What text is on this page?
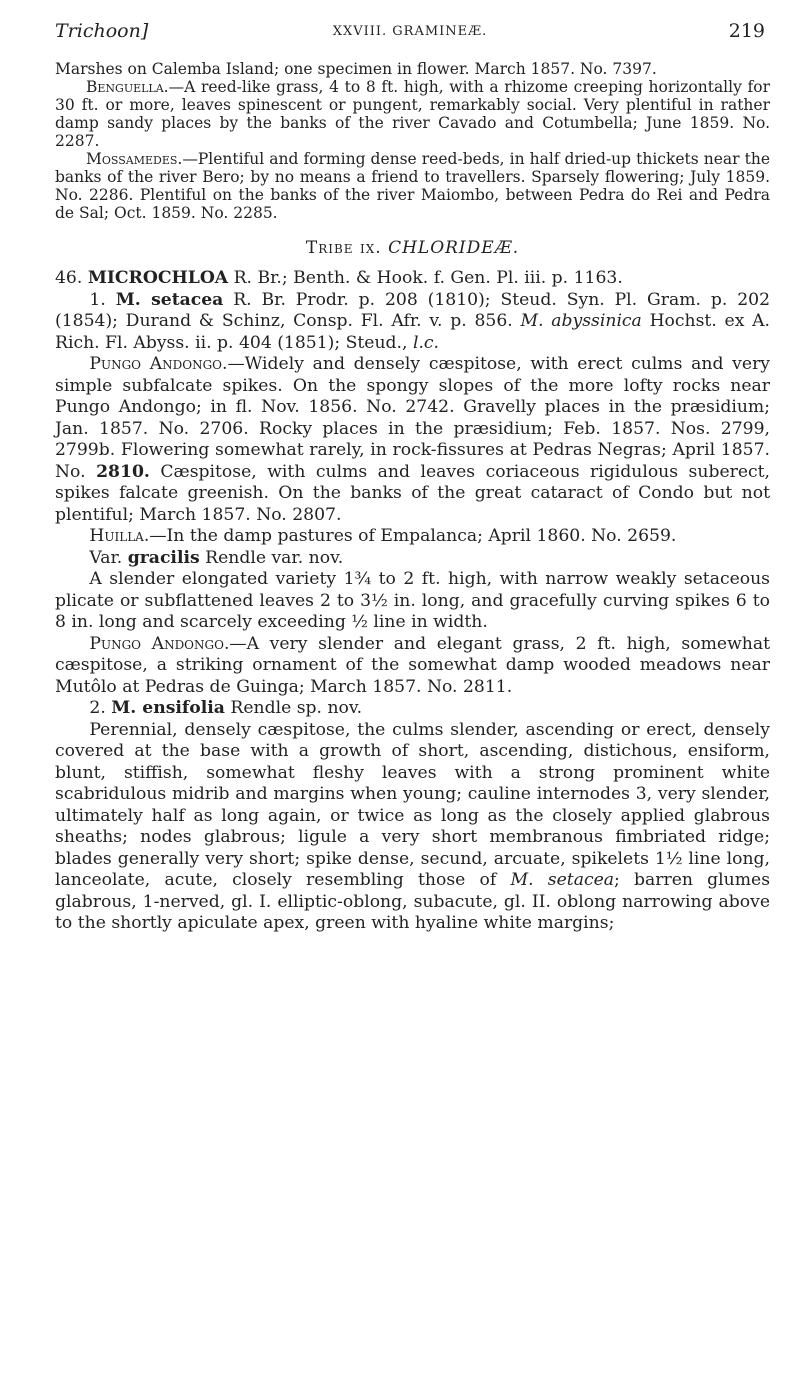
Trichoon]	XXVIII. GRAMINEÆ.	219

Marshes on Calemba Island; one specimen in flower. March 1857. No. 7397.

Benguella.—A reed-like grass, 4 to 8 ft. high, with a rhizome creeping horizontally for 30 ft. or more, leaves spinescent or pungent, remarkably social. Very plentiful in rather damp sandy places by the banks of the river Cavado and Cotumbella; June 1859. No. 2287.

Mossamedes.—Plentiful and forming dense reed-beds, in half dried-up thickets near the banks of the river Bero; by no means a friend to travellers. Sparsely flowering; July 1859. No. 2286. Plentiful on the banks of the river Maiombo, between Pedra do Rei and Pedra de Sal; Oct. 1859. No. 2285.

Tribe ix. CHLORIDEÆ.

46. MICROCHLOA R. Br.; Benth. & Hook. f. Gen. Pl. iii. p. 1163.

1. M. setacea R. Br. Prodr. p. 208 (1810); Steud. Syn. Pl. Gram. p. 202 (1854); Durand & Schinz, Consp. Fl. Afr. v. p. 856. M. abyssinica Hochst. ex A. Rich. Fl. Abyss. ii. p. 404 (1851); Steud., l.c.

Pungo Andongo.—Widely and densely cæspitose, with erect culms and very simple subfalcate spikes. On the spongy slopes of the more lofty rocks near Pungo Andongo; in fl. Nov. 1856. No. 2742. Gravelly places in the præsidium; Jan. 1857. No. 2706. Rocky places in the præsidium; Feb. 1857. Nos. 2799, 2799b. Flowering somewhat rarely, in rock-fissures at Pedras Negras; April 1857. No. 2810. Cæspitose, with culms and leaves coriaceous rigidulous suberect, spikes falcate greenish. On the banks of the great cataract of Condo but not plentiful; March 1857. No. 2807.

Huilla.—In the damp pastures of Empalanca; April 1860. No. 2659.

Var. gracilis Rendle var. nov.

A slender elongated variety 1¾ to 2 ft. high, with narrow weakly setaceous plicate or subflattened leaves 2 to 3½ in. long, and gracefully curving spikes 6 to 8 in. long and scarcely exceeding ½ line in width.

Pungo Andongo.—A very slender and elegant grass, 2 ft. high, somewhat cæspitose, a striking ornament of the somewhat damp wooded meadows near Mutôlo at Pedras de Guinga; March 1857. No. 2811.

2. M. ensifolia Rendle sp. nov.

Perennial, densely cæspitose, the culms slender, ascending or erect, densely covered at the base with a growth of short, ascending, distichous, ensiform, blunt, stiffish, somewhat fleshy leaves with a strong prominent white scabridulous midrib and margins when young; cauline internodes 3, very slender, ultimately half as long again, or twice as long as the closely applied glabrous sheaths; nodes glabrous; ligule a very short membranous fimbriated ridge; blades generally very short; spike dense, secund, arcuate, spikelets 1½ line long, lanceolate, acute, closely resembling those of M. setacea; barren glumes glabrous, 1-nerved, gl. I. elliptic-oblong, subacute, gl. II. oblong narrowing above to the shortly apiculate apex, green with hyaline white margins;
